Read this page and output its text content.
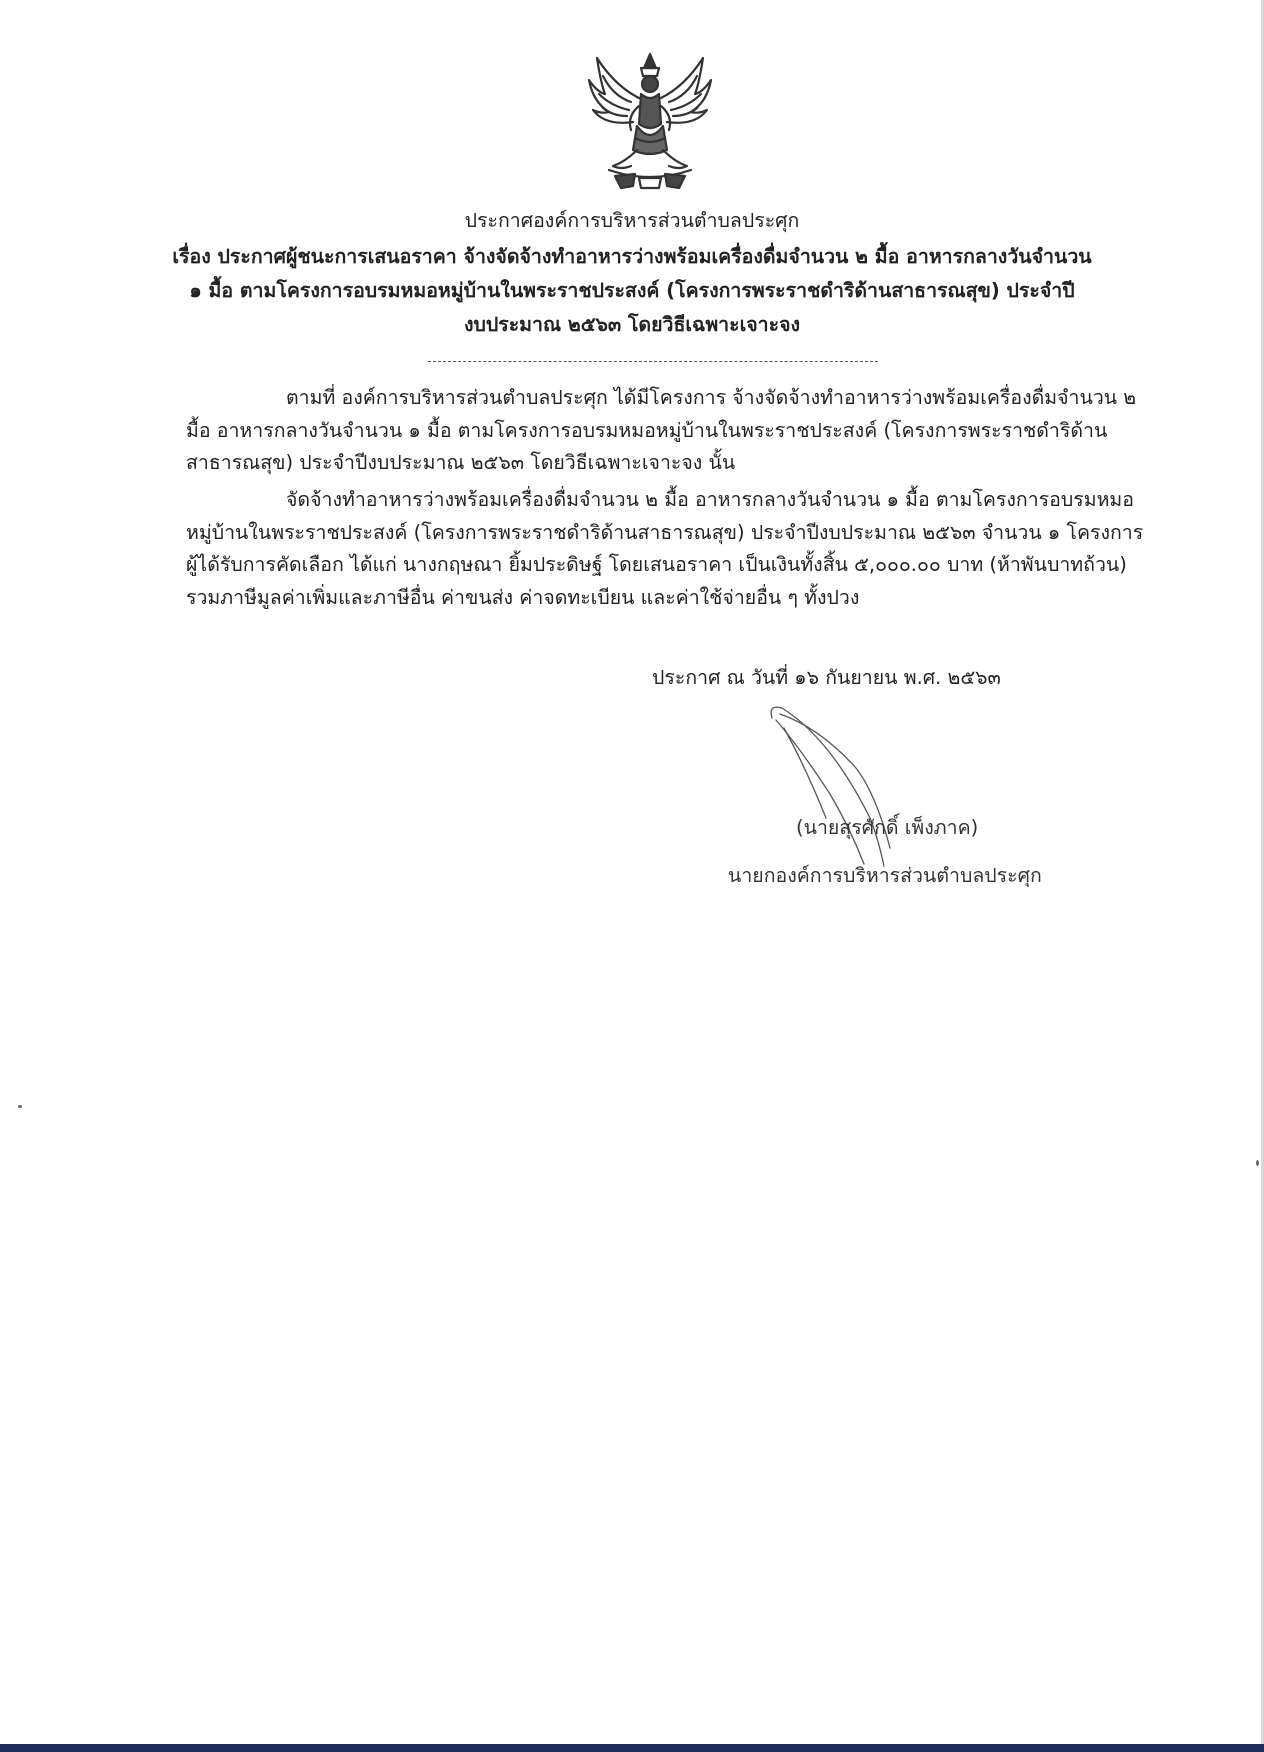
ประกาศองค์การบริหารส่วนตำบลประศุก
เรื่อง ประกาศผู้ชนะการเสนอราคา จ้างจัดจ้างทำอาหารว่างพร้อมเครื่องดื่มจำนวน ๒ มื้อ อาหารกลางวันจำนวน
๑ มื้อ ตามโครงการอบรมหมอหมู่บ้านในพระราชประสงค์ (โครงการพระราชดำริด้านสาธารณสุข) ประจำปี
งบประมาณ ๒๕๖๓ โดยวิธีเฉพาะเจาะจง
ตามที่ องค์การบริหารส่วนตำบลประศุก ได้มีโครงการ จ้างจัดจ้างทำอาหารว่างพร้อมเครื่องดื่มจำนวน ๒
มื้อ อาหารกลางวันจำนวน ๑ มื้อ ตามโครงการอบรมหมอหมู่บ้านในพระราชประสงค์ (โครงการพระราชดำริด้าน
สาธารณสุข) ประจำปีงบประมาณ ๒๕๖๓ โดยวิธีเฉพาะเจาะจง นั้น
จัดจ้างทำอาหารว่างพร้อมเครื่องดื่มจำนวน ๒ มื้อ อาหารกลางวันจำนวน ๑ มื้อ ตามโครงการอบรมหมอ
หมู่บ้านในพระราชประสงค์ (โครงการพระราชดำริด้านสาธารณสุข) ประจำปีงบประมาณ ๒๕๖๓ จำนวน ๑ โครงการ
ผู้ได้รับการคัดเลือก ได้แก่ นางกฤษณา ยิ้มประดิษฐ์ โดยเสนอราคา เป็นเงินทั้งสิ้น ๕,๐๐๐.๐๐ บาท (ห้าพันบาทถ้วน)
รวมภาษีมูลค่าเพิ่มและภาษีอื่น ค่าขนส่ง ค่าจดทะเบียน และค่าใช้จ่ายอื่น ๆ ทั้งปวง
ประกาศ ณ วันที่ ๑๖ กันยายน พ.ศ. ๒๕๖๓
(นายสุรศักดิ์ เพ็งภาค)
นายกองค์การบริหารส่วนตำบลประศุก
